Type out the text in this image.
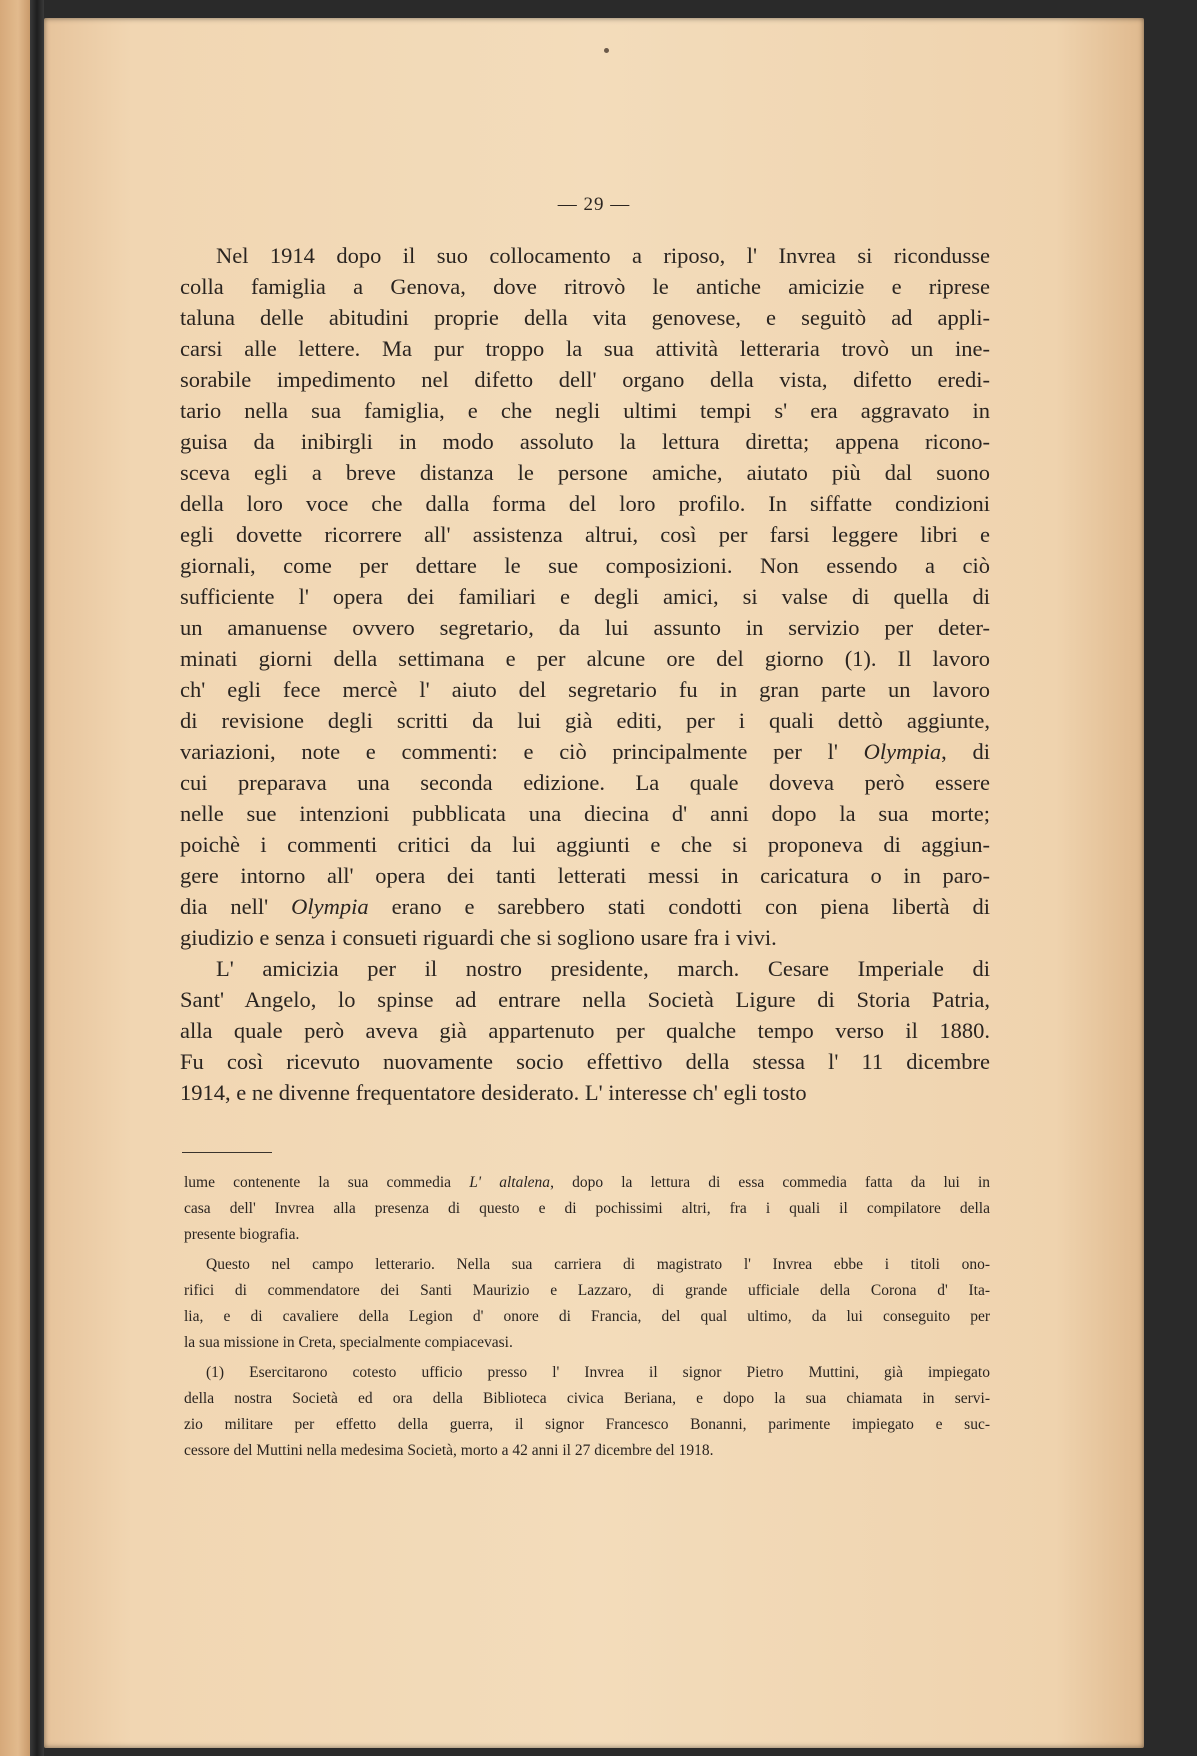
— 29 —
Nel 1914 dopo il suo collocamento a riposo, l' Invrea si ricondusse
colla famiglia a Genova, dove ritrovò le antiche amicizie e riprese
taluna delle abitudini proprie della vita genovese, e seguitò ad appli-
carsi alle lettere. Ma pur troppo la sua attività letteraria trovò un ine-
sorabile impedimento nel difetto dell' organo della vista, difetto eredi-
tario nella sua famiglia, e che negli ultimi tempi s' era aggravato in
guisa da inibirgli in modo assoluto la lettura diretta; appena ricono-
sceva egli a breve distanza le persone amiche, aiutato più dal suono
della loro voce che dalla forma del loro profilo. In siffatte condizioni
egli dovette ricorrere all' assistenza altrui, così per farsi leggere libri e
giornali, come per dettare le sue composizioni. Non essendo a ciò
sufficiente l' opera dei familiari e degli amici, si valse di quella di
un amanuense ovvero segretario, da lui assunto in servizio per deter-
minati giorni della settimana e per alcune ore del giorno (1). Il lavoro
ch' egli fece mercè l' aiuto del segretario fu in gran parte un lavoro
di revisione degli scritti da lui già editi, per i quali dettò aggiunte,
variazioni, note e commenti: e ciò principalmente per l' Olympia, di
cui preparava una seconda edizione. La quale doveva però essere
nelle sue intenzioni pubblicata una diecina d' anni dopo la sua morte;
poichè i commenti critici da lui aggiunti e che si proponeva di aggiun-
gere intorno all' opera dei tanti letterati messi in caricatura o in paro-
dia nell' Olympia erano e sarebbero stati condotti con piena libertà di
giudizio e senza i consueti riguardi che si sogliono usare fra i vivi.
L' amicizia per il nostro presidente, march. Cesare Imperiale di
Sant' Angelo, lo spinse ad entrare nella Società Ligure di Storia Patria,
alla quale però aveva già appartenuto per qualche tempo verso il 1880.
Fu così ricevuto nuovamente socio effettivo della stessa l' 11 dicembre
1914, e ne divenne frequentatore desiderato. L' interesse ch' egli tosto
lume contenente la sua commedia L' altalena, dopo la lettura di essa commedia fatta da lui in
casa dell' Invrea alla presenza di questo e di pochissimi altri, fra i quali il compilatore della
presente biografia.
Questo nel campo letterario. Nella sua carriera di magistrato l' Invrea ebbe i titoli ono-
rifici di commendatore dei Santi Maurizio e Lazzaro, di grande ufficiale della Corona d' Ita-
lia, e di cavaliere della Legion d' onore di Francia, del qual ultimo, da lui conseguito per
la sua missione in Creta, specialmente compiacevasi.
(1) Esercitarono cotesto ufficio presso l' Invrea il signor Pietro Muttini, già impiegato
della nostra Società ed ora della Biblioteca civica Beriana, e dopo la sua chiamata in servi-
zio militare per effetto della guerra, il signor Francesco Bonanni, parimente impiegato e suc-
cessore del Muttini nella medesima Società, morto a 42 anni il 27 dicembre del 1918.
